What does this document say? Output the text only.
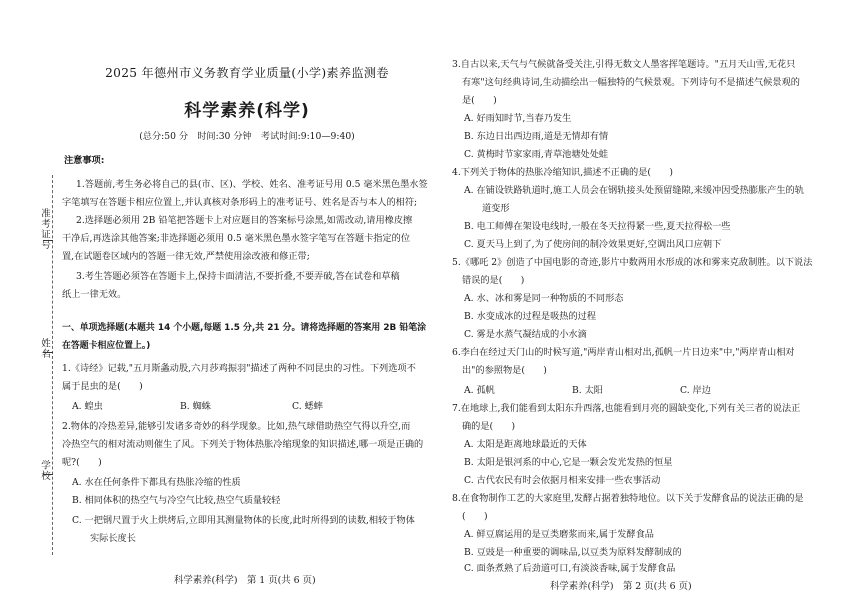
准考证号
姓名
学校
2025 年德州市义务教育学业质量(小学)素养监测卷
科学素养(科学)
(总分:50 分　时间:30 分钟　考试时间:9:10—9:40)
注意事项:
1.答题前,考生务必将自己的县(市、区)、学校、姓名、准考证号用 0.5 毫米黑色墨水签
字笔填写在答题卡相应位置上,并认真核对条形码上的准考证号、姓名是否与本人的相符;
2.选择题必须用 2B 铅笔把答题卡上对应题目的答案标号涂黑,如需改动,请用橡皮擦
干净后,再选涂其他答案;非选择题必须用 0.5 毫米黑色墨水签字笔写在答题卡指定的位
置,在试题卷区域内的答题一律无效,严禁使用涂改液和修正带;
3.考生答题必须答在答题卡上,保持卡面清洁,不要折叠,不要弄破,答在试卷和草稿
纸上一律无效。
一、单项选择题(本题共 14 个小题,每题 1.5 分,共 21 分。请将选择题的答案用 2B 铅笔涂
在答题卡相应位置上。)
1.《诗经》记载,"五月斯螽动股,六月莎鸡振羽"描述了两种不同昆虫的习性。下列选项不
属于昆虫的是(　　)
A. 蝗虫	B. 蜘蛛	C. 蟋蟀
2.物体的冷热差异,能够引发诸多奇妙的科学现象。比如,热气球借助热空气得以升空,而
冷热空气的相对流动则催生了风。下列关于物体热胀冷缩现象的知识描述,哪一项是正确的
呢?(　　)
A. 水在任何条件下都具有热胀冷缩的性质
B. 相同体积的热空气与冷空气比较,热空气质量较轻
C. 一把钢尺置于火上烘烤后,立即用其测量物体的长度,此时所得到的读数,相较于物体
实际长度长
科学素养(科学)　第 1 页(共 6 页)
3.自古以来,天气与气候就备受关注,引得无数文人墨客挥笔题诗。"五月天山雪,无花只
有寒"这句经典诗词,生动描绘出一幅独特的气候景观。下列诗句不是描述气候景观的
是(　　)
A. 好雨知时节,当春乃发生
B. 东边日出西边雨,道是无情却有情
C. 黄梅时节家家雨,青草池塘处处蛙
4.下列关于物体的热胀冷缩知识,描述不正确的是(　　)
A. 在铺设铁路轨道时,施工人员会在钢轨接头处预留缝隙,来缓冲因受热膨胀产生的轨
道变形
B. 电工师傅在架设电线时,一般在冬天拉得紧一些,夏天拉得松一些
C. 夏天马上到了,为了使房间的制冷效果更好,空调出风口应朝下
5.《哪吒 2》创造了中国电影的奇迹,影片中数两用水形成的冰和雾来克敌制胜。以下说法
错误的是(　　)
A. 水、冰和雾是同一种物质的不同形态
B. 水变成冰的过程是吸热的过程
C. 雾是水蒸气凝结成的小水滴
6.李白在经过天门山的时候写道,"两岸青山相对出,孤帆一片日边来"中,"两岸青山相对
出"的参照物是(　　)
A. 孤帆	B. 太阳	C. 岸边
7.在地球上,我们能看到太阳东升西落,也能看到月亮的圆缺变化,下列有关三者的说法正
确的是(　　)
A. 太阳是距离地球最近的天体
B. 太阳是银河系的中心,它是一颗会发光发热的恒星
C. 古代农民有时会依据月相来安排一些农事活动
8.在食物制作工艺的大家庭里,发酵占据着独特地位。以下关于发酵食品的说法正确的是
(　　)
A. 鲜豆腐运用的是豆类磨浆而来,属于发酵食品
B. 豆豉是一种重要的调味品,以豆类为原料发酵制成的
C. 面条煮熟了后劲道可口,有淡淡香味,属于发酵食品
科学素养(科学)　第 2 页(共 6 页)
